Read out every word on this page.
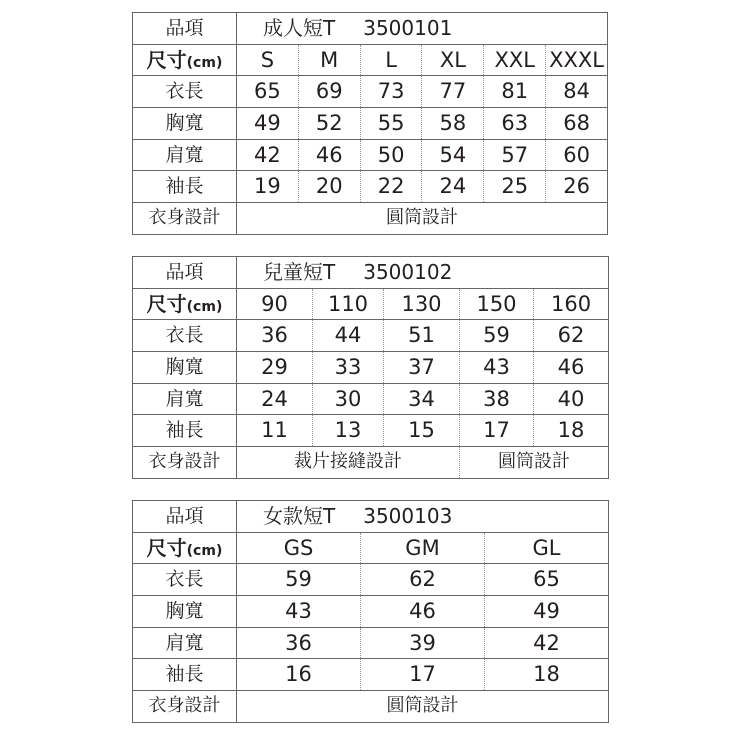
品項	成人短T 3500101					
尺寸(cm)	S	M	L	XL	XXL	XXXL
衣長	65	69	73	77	81	84
胸寬	49	52	55	58	63	68
肩寬	42	46	50	54	57	60
袖長	19	20	22	24	25	26
衣身設計	圓筒設計					
品項	兒童短T 3500102				
尺寸(cm)	90	110	130	150	160
衣長	36	44	51	59	62
胸寬	29	33	37	43	46
肩寬	24	30	34	38	40
袖長	11	13	15	17	18
衣身設計	裁片接縫設計			圓筒設計	
品項	女款短T 3500103		
尺寸(cm)	GS	GM	GL
衣長	59	62	65
胸寬	43	46	49
肩寬	36	39	42
袖長	16	17	18
衣身設計	圓筒設計		
